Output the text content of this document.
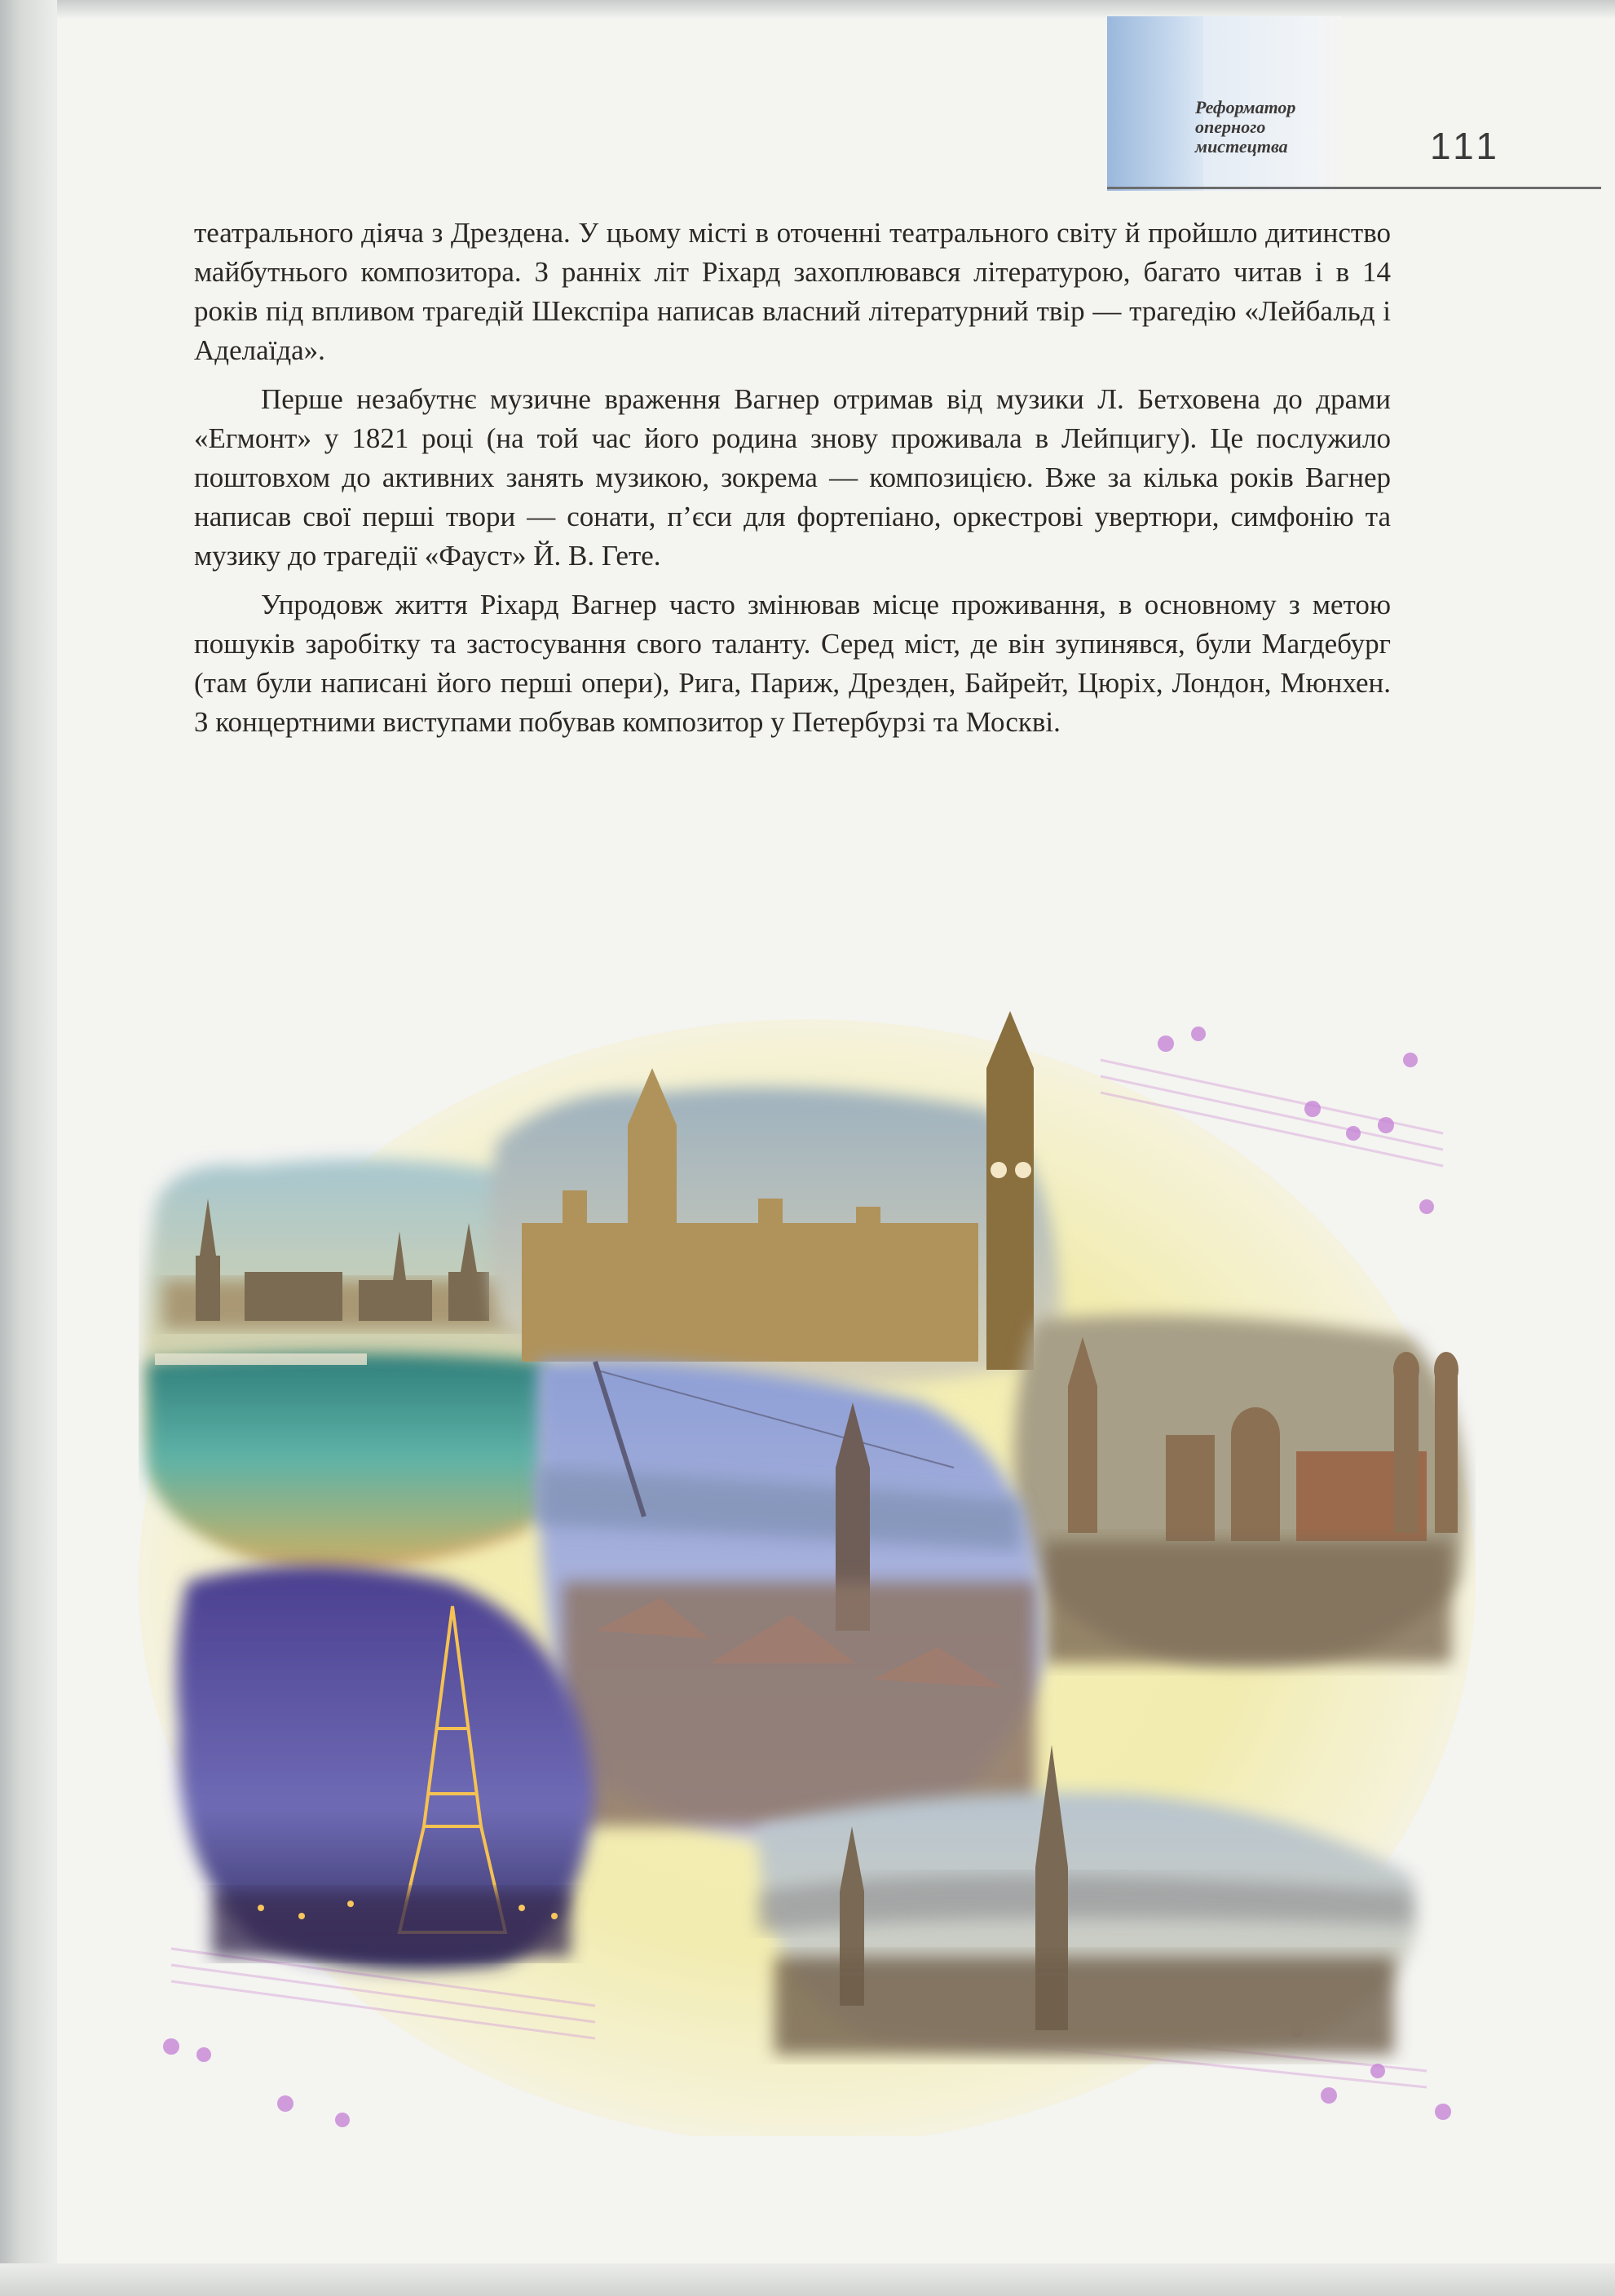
Реформатор
оперного
мистецтва	111

театрального діяча з Дрездена. У цьому місті в оточенні театрального світу й пройшло дитинство майбутнього композитора. З ранніх літ Ріхард захоплювався літературою, багато читав і в 14 років під впливом трагедій Шекспіра написав власний літературний твір — трагедію «Лейбальд і Аделаїда».

Перше незабутнє музичне враження Вагнер отримав від музики Л. Бетховена до драми «Егмонт» у 1821 році (на той час його родина знову проживала в Лейпцигу). Це послужило поштовхом до активних занять музикою, зокрема — композицією. Вже за кілька років Вагнер написав свої перші твори — сонати, п’єси для фортепіано, оркестрові увертюри, симфонію та музику до трагедії «Фауст» Й. В. Гете.

Упродовж життя Ріхард Вагнер часто змінював місце проживання, в основному з метою пошуків заробітку та застосування свого таланту. Серед міст, де він зупинявся, були Магдебург (там були написані його перші опери), Рига, Париж, Дрезден, Байрейт, Цюріх, Лондон, Мюнхен. З концертними виступами побував композитор у Петербурзі та Москві.
